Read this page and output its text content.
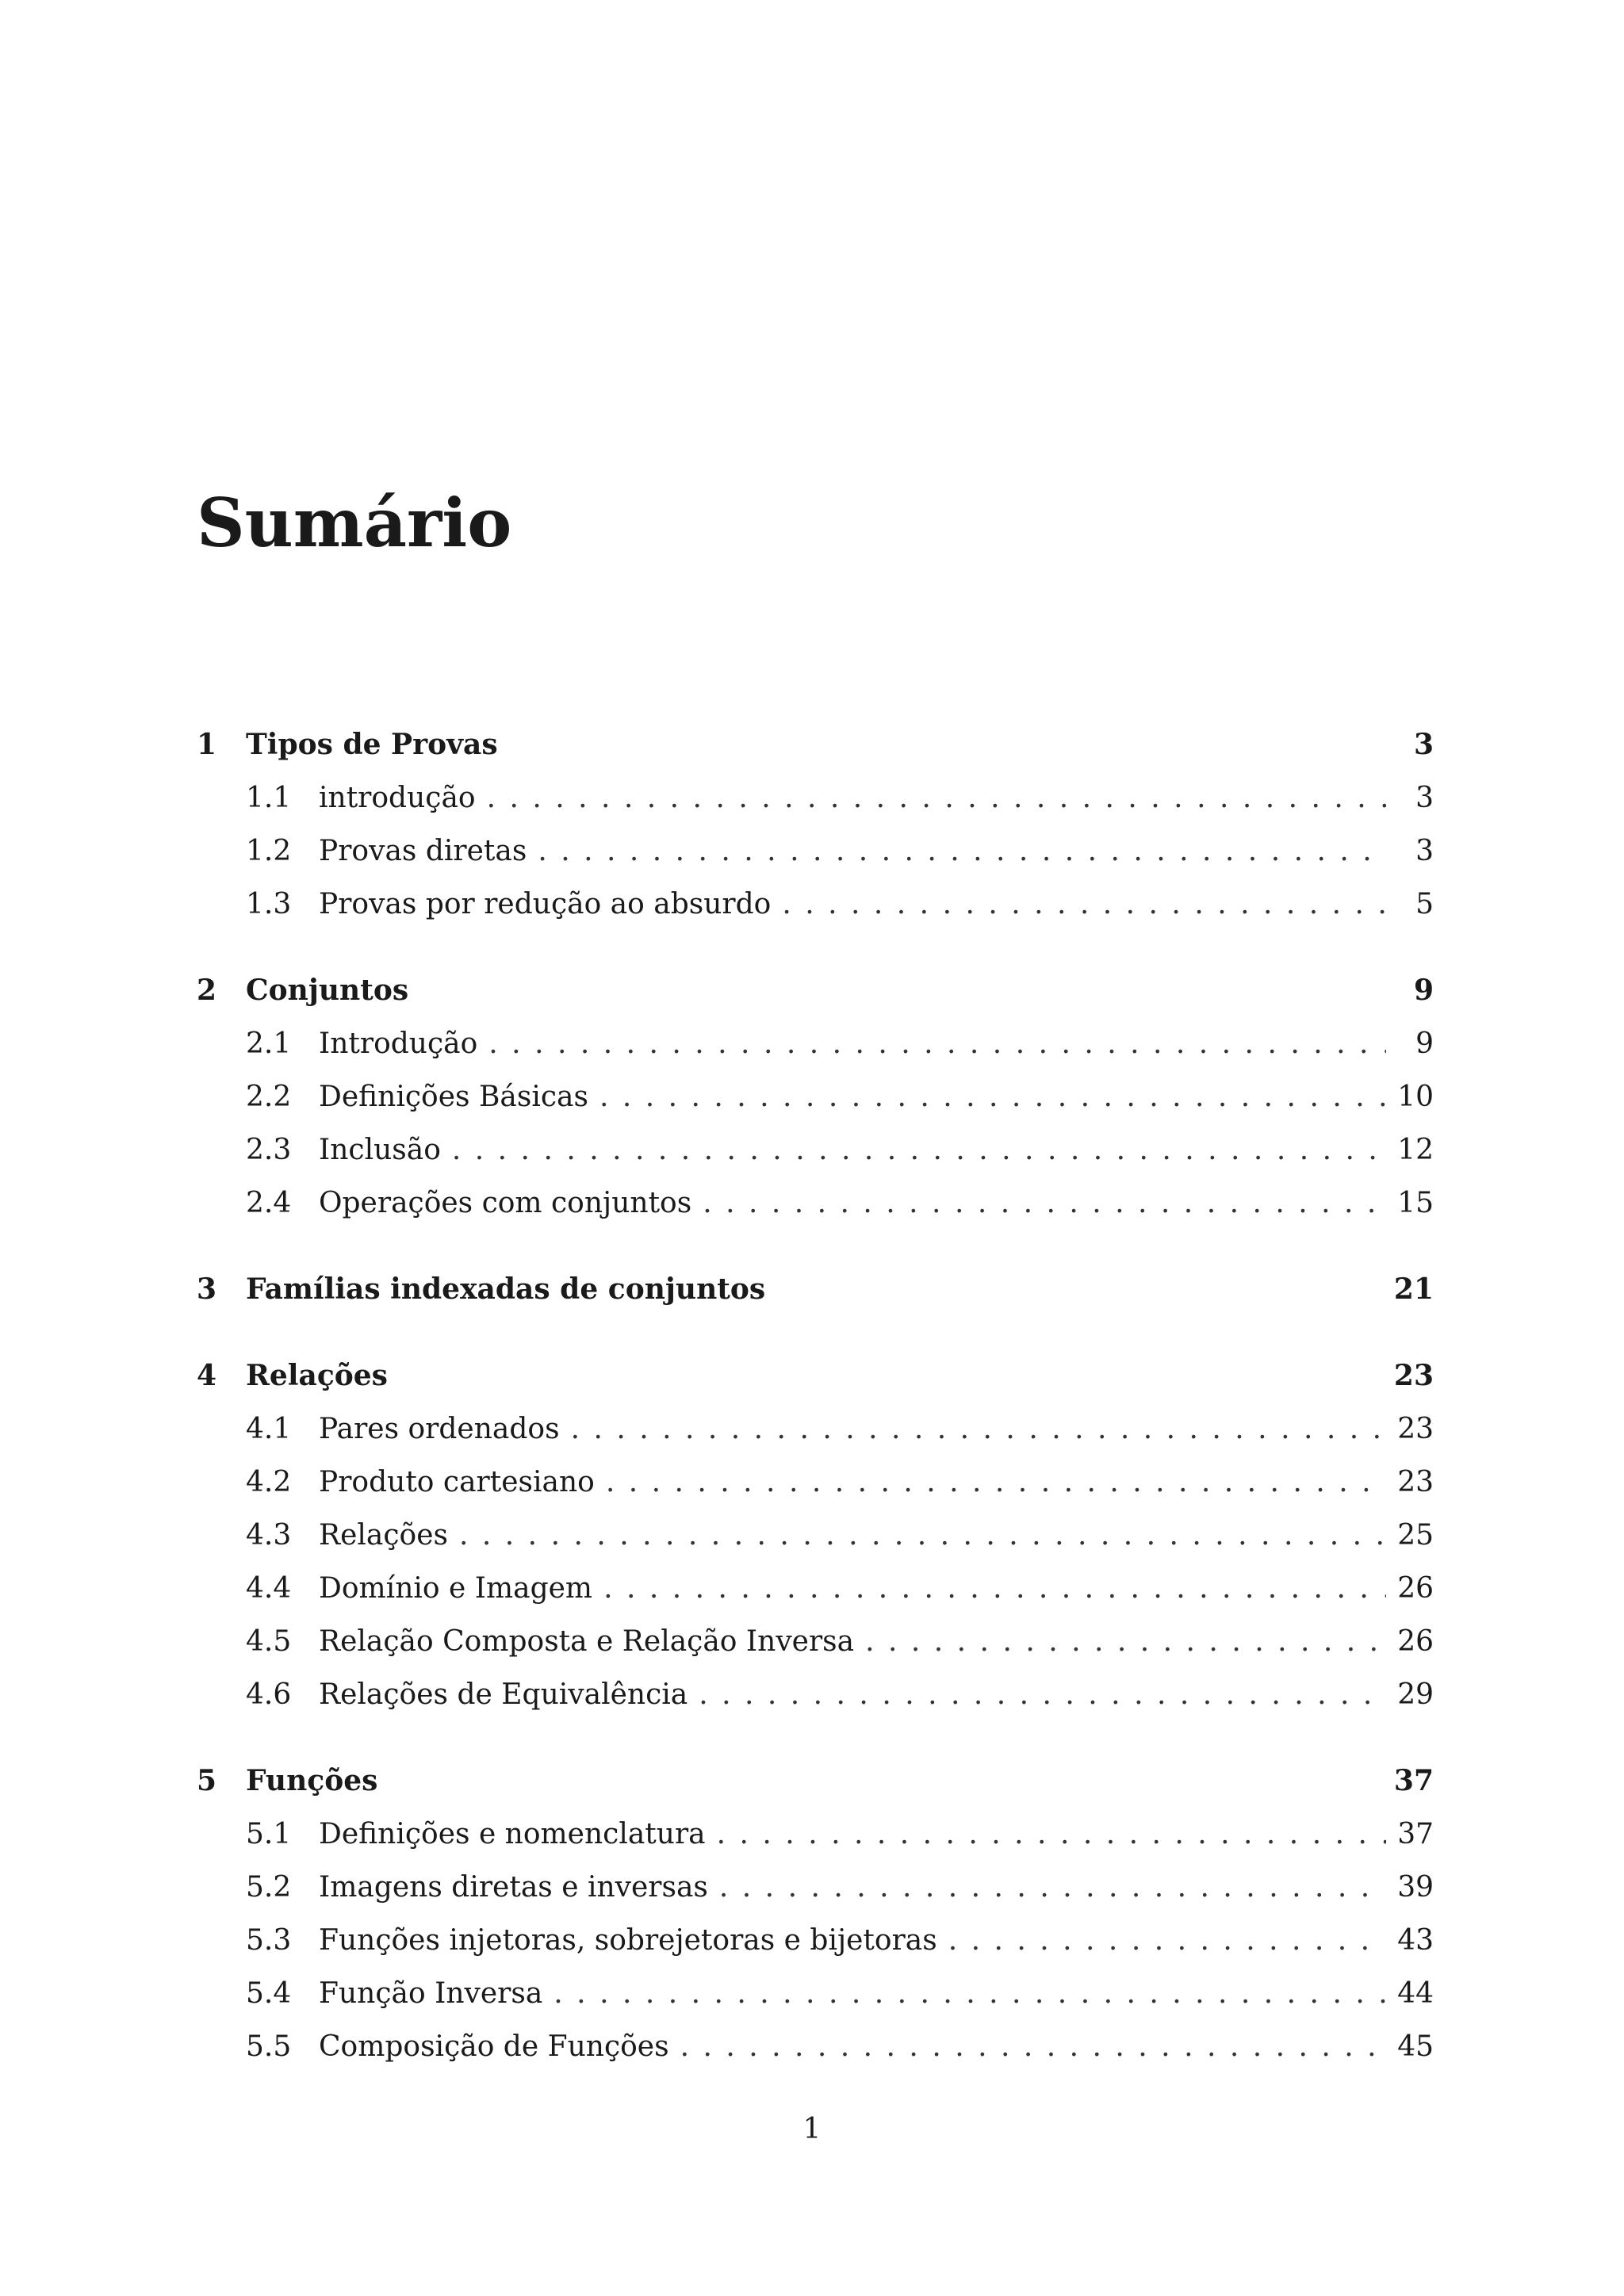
Sumário
1	Tipos de Provas	3
1.1 introdução . . .	3
1.2 Provas diretas . . .	3
1.3 Provas por redução ao absurdo . . .	5
2	Conjuntos	9
2.1 Introdução . . .	9
2.2 Definições Básicas . . .	10
2.3 Inclusão . . .	12
2.4 Operações com conjuntos . . .	15
3	Famílias indexadas de conjuntos	21
4	Relações	23
4.1 Pares ordenados . . .	23
4.2 Produto cartesiano . . .	23
4.3 Relações . . .	25
4.4 Domínio e Imagem . . .	26
4.5 Relação Composta e Relação Inversa . . .	26
4.6 Relações de Equivalência . . .	29
5	Funções	37
5.1 Definições e nomenclatura . . .	37
5.2 Imagens diretas e inversas . . .	39
5.3 Funções injetoras, sobrejetoras e bijetoras . . .	43
5.4 Função Inversa . . .	44
5.5 Composição de Funções . . .	45
1
